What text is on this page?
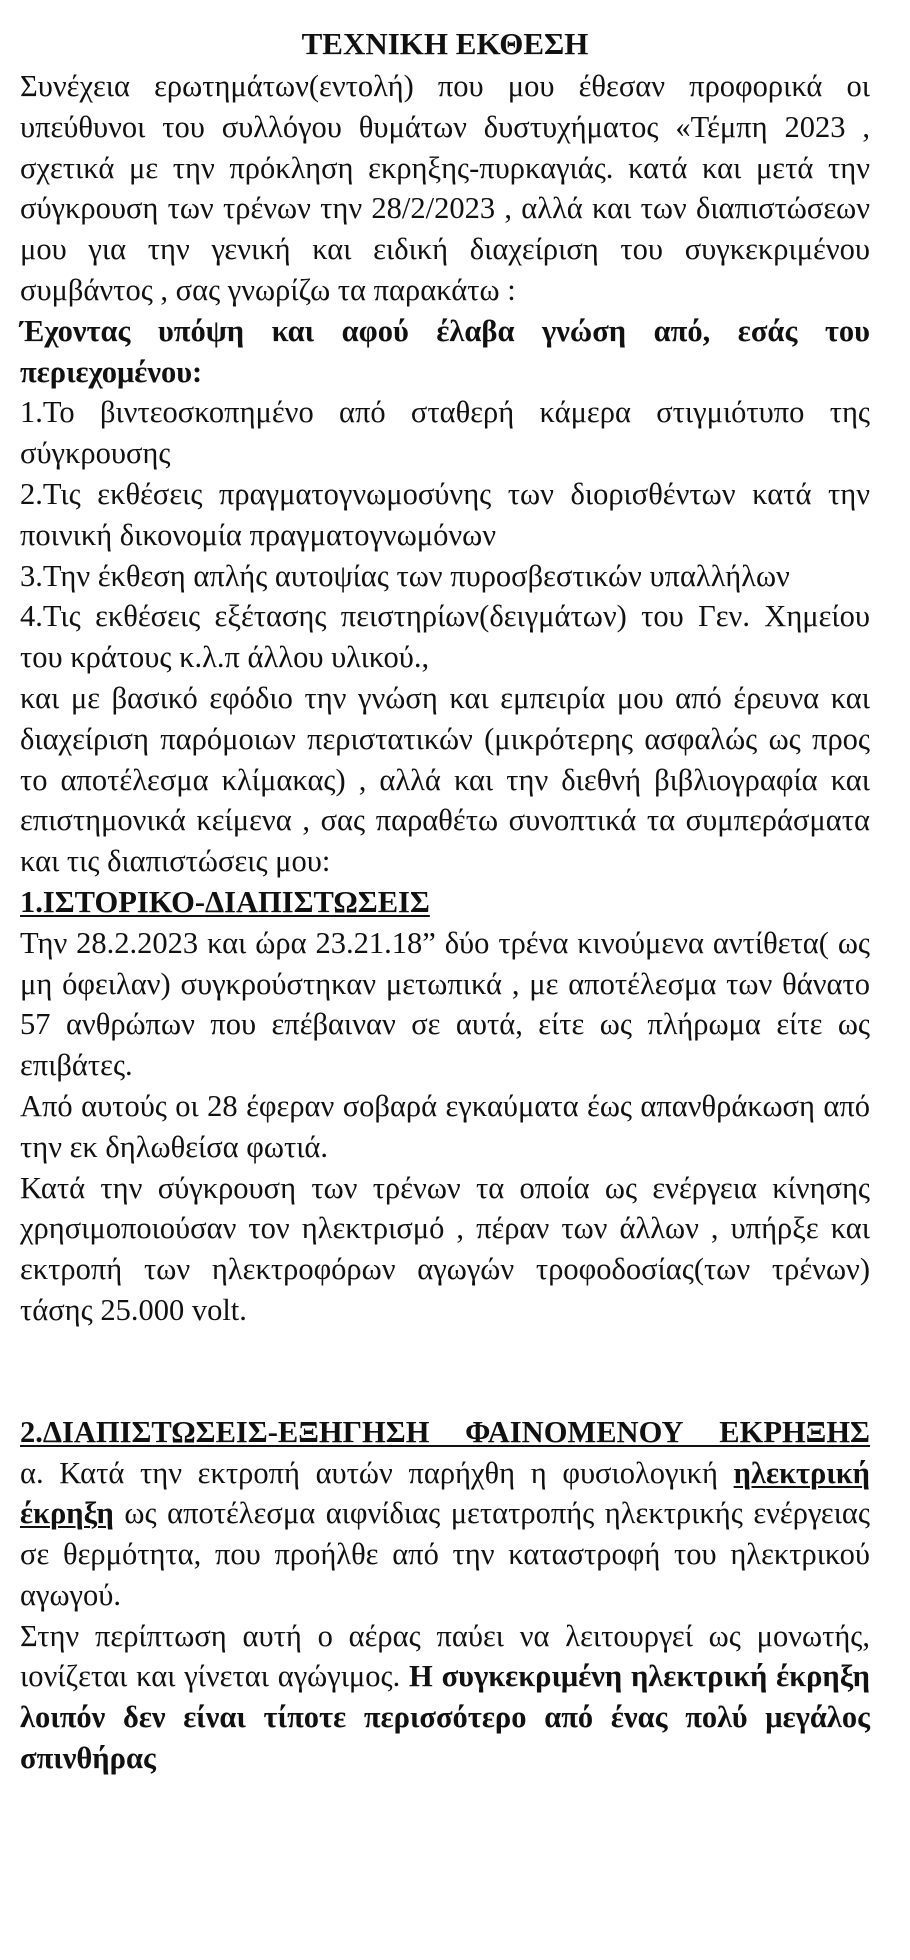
ΤΕΧΝΙΚΗ ΕΚΘΕΣΗ

Συνέχεια ερωτημάτων(εντολή) που μου έθεσαν προφορικά οι υπεύθυνοι του συλλόγου θυμάτων δυστυχήματος «Τέμπη 2023 , σχετικά με την πρόκληση εκρηξης-πυρκαγιάς. κατά και μετά την σύγκρουση των τρένων την 28/2/2023 , αλλά και των διαπιστώσεων μου για την γενική και ειδική διαχείριση του συγκεκριμένου συμβάντος , σας γνωρίζω τα παρακάτω :

Έχοντας υπόψη και αφού έλαβα γνώση από, εσάς του περιεχομένου:

1.Το βιντεοσκοπημένο από σταθερή κάμερα στιγμιότυπο της σύγκρουσης

2.Τις εκθέσεις πραγματογνωμοσύνης των διορισθέντων κατά την ποινική δικονομία πραγματογνωμόνων

3.Την έκθεση απλής αυτοψίας των πυροσβεστικών υπαλλήλων

4.Τις εκθέσεις εξέτασης πειστηρίων(δειγμάτων) του Γεν. Χημείου του κράτους κ.λ.π άλλου υλικού.,

και με βασικό εφόδιο την γνώση και εμπειρία μου από έρευνα και διαχείριση παρόμοιων περιστατικών (μικρότερης ασφαλώς ως προς το αποτέλεσμα κλίμακας) , αλλά και την διεθνή βιβλιογραφία και επιστημονικά κείμενα , σας παραθέτω συνοπτικά τα συμπεράσματα και τις διαπιστώσεις μου:

1.ΙΣΤΟΡΙΚΟ-ΔΙΑΠΙΣΤΩΣΕΙΣ

Την 28.2.2023 και ώρα 23.21.18” δύο τρένα κινούμενα αντίθετα( ως μη όφειλαν) συγκρούστηκαν μετωπικά , με αποτέλεσμα των θάνατο 57 ανθρώπων που επέβαιναν σε αυτά, είτε ως πλήρωμα είτε ως επιβάτες.

Από αυτούς οι 28 έφεραν σοβαρά εγκαύματα έως απανθράκωση από την εκ δηλωθείσα φωτιά.

Κατά την σύγκρουση των τρένων τα οποία ως ενέργεια κίνησης χρησιμοποιούσαν τον ηλεκτρισμό , πέραν των άλλων , υπήρξε και εκτροπή των ηλεκτροφόρων αγωγών τροφοδοσίας(των τρένων) τάσης 25.000 volt.

2.ΔΙΑΠΙΣΤΩΣΕΙΣ-ΕΞΗΓΗΣΗ ΦΑΙΝΟΜΕΝΟΥ ΕΚΡΗΞΗΣ

α. Κατά την εκτροπή αυτών παρήχθη η φυσιολογική ηλεκτρική έκρηξη ως αποτέλεσμα αιφνίδιας μετατροπής ηλεκτρικής ενέργειας σε θερμότητα, που προήλθε από την καταστροφή του ηλεκτρικού αγωγού.

Στην περίπτωση αυτή ο αέρας παύει να λειτουργεί ως μονωτής, ιονίζεται και γίνεται αγώγιμος. Η συγκεκριμένη ηλεκτρική έκρηξη λοιπόν δεν είναι τίποτε περισσότερο από ένας πολύ μεγάλος σπινθήρας
